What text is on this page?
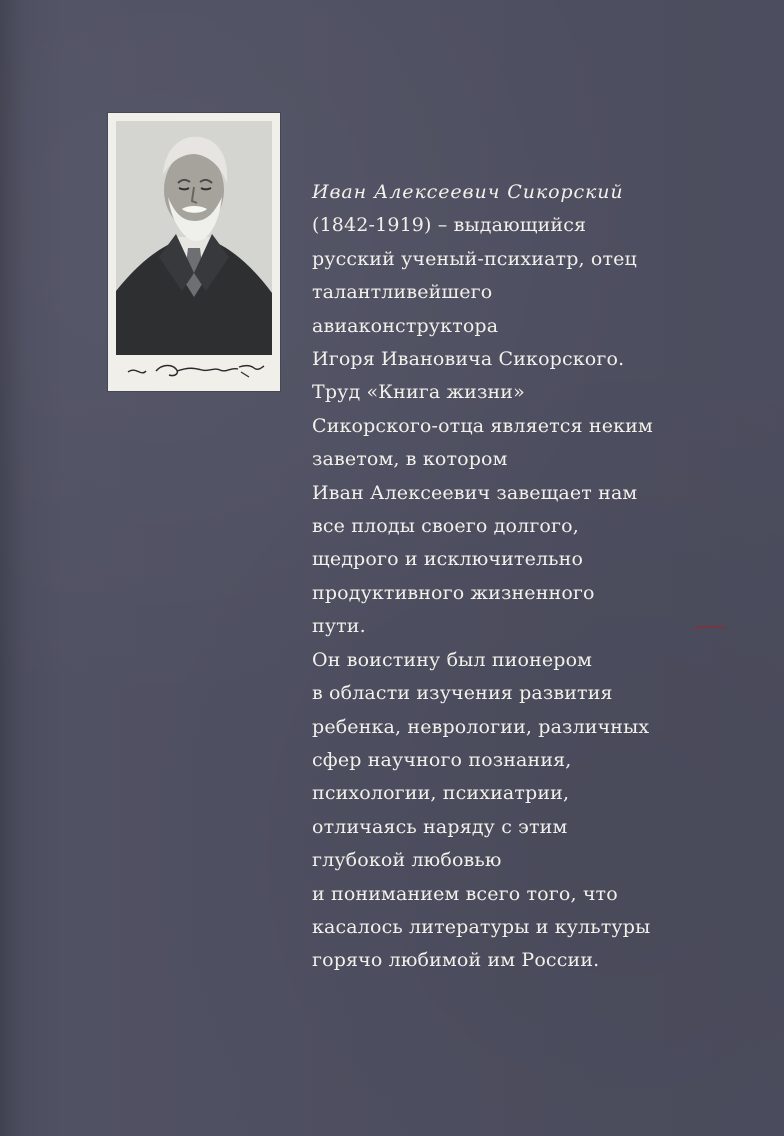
Иван Алексеевич Сикорский
(1842-1919) – выдающийся
русский ученый-психиатр, отец
талантливейшего
авиаконструктора
Игоря Ивановича Сикорского.
Труд «Книга жизни»
Сикорского-отца является неким
заветом, в котором
Иван Алексеевич завещает нам
все плоды своего долгого,
щедрого и исключительно
продуктивного жизненного
пути.
Он воистину был пионером
в области изучения развития
ребенка, неврологии, различных
сфер научного познания,
психологии, психиатрии,
отличаясь наряду с этим
глубокой любовью
и пониманием всего того, что
касалось литературы и культуры
горячо любимой им России.
